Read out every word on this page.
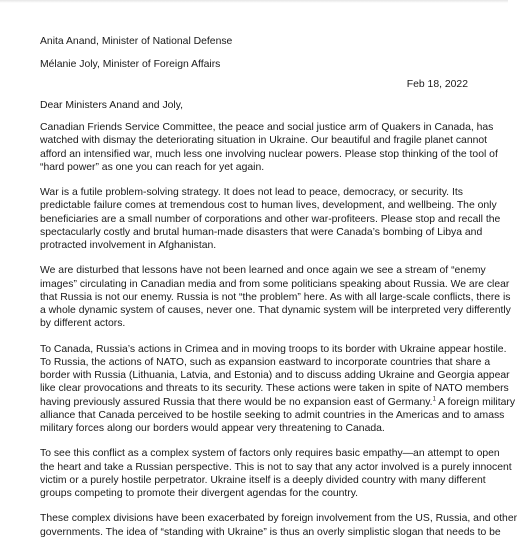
Anita Anand, Minister of National Defense
Mélanie Joly, Minister of Foreign Affairs
Feb 18, 2022
Dear Ministers Anand and Joly,

Canadian Friends Service Committee, the peace and social justice arm of Quakers in Canada, has
watched with dismay the deteriorating situation in Ukraine. Our beautiful and fragile planet cannot
afford an intensified war, much less one involving nuclear powers. Please stop thinking of the tool of
“hard power” as one you can reach for yet again.

War is a futile problem-solving strategy. It does not lead to peace, democracy, or security. Its
predictable failure comes at tremendous cost to human lives, development, and wellbeing. The only
beneficiaries are a small number of corporations and other war-profiteers. Please stop and recall the
spectacularly costly and brutal human-made disasters that were Canada’s bombing of Libya and
protracted involvement in Afghanistan.

We are disturbed that lessons have not been learned and once again we see a stream of “enemy
images” circulating in Canadian media and from some politicians speaking about Russia. We are clear
that Russia is not our enemy. Russia is not “the problem” here. As with all large-scale conflicts, there is
a whole dynamic system of causes, never one. That dynamic system will be interpreted very differently
by different actors.

To Canada, Russia’s actions in Crimea and in moving troops to its border with Ukraine appear hostile.
To Russia, the actions of NATO, such as expansion eastward to incorporate countries that share a
border with Russia (Lithuania, Latvia, and Estonia) and to discuss adding Ukraine and Georgia appear
like clear provocations and threats to its security. These actions were taken in spite of NATO members
having previously assured Russia that there would be no expansion east of Germany.$^1$ A foreign military
alliance that Canada perceived to be hostile seeking to admit countries in the Americas and to amass
military forces along our borders would appear very threatening to Canada.

To see this conflict as a complex system of factors only requires basic empathy—an attempt to open
the heart and take a Russian perspective. This is not to say that any actor involved is a purely innocent
victim or a purely hostile perpetrator. Ukraine itself is a deeply divided country with many different
groups competing to promote their divergent agendas for the country.

These complex divisions have been exacerbated by foreign involvement from the US, Russia, and other
governments. The idea of “standing with Ukraine” is thus an overly simplistic slogan that needs to be
